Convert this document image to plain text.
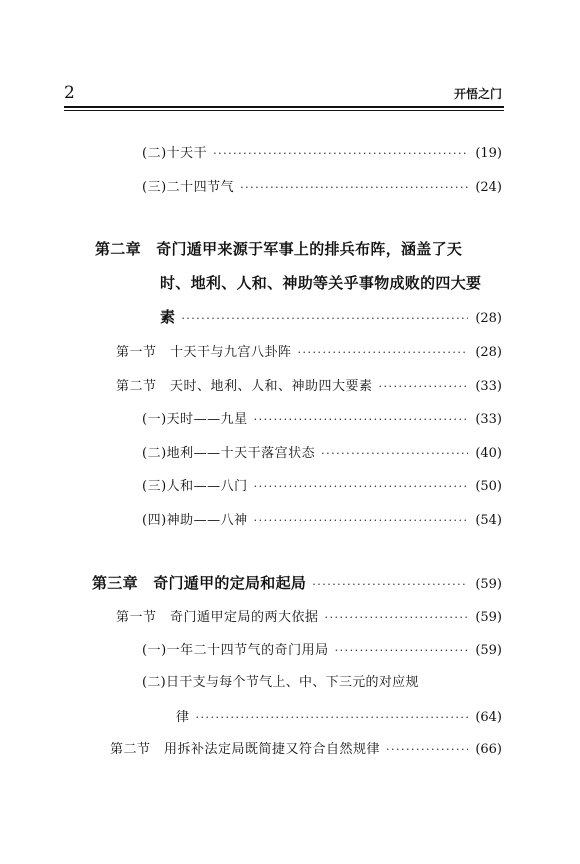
2	开悟之门
(二)十天干 ·····	(19)
(三)二十四节气 ·····	(24)
第二章　奇门遁甲来源于军事上的排兵布阵，涵盖了天
时、地利、人和、神助等关乎事物成败的四大要
素 ·····	(28)
第一节　十天干与九宫八卦阵 ·····	(28)
第二节　天时、地利、人和、神助四大要素 ·····	(33)
(一)天时——九星 ·····	(33)
(二)地利——十天干落宫状态 ·····	(40)
(三)人和——八门 ·····	(50)
(四)神助——八神 ·····	(54)
第三章　奇门遁甲的定局和起局 ·····	(59)
第一节　奇门遁甲定局的两大依据 ·····	(59)
(一)一年二十四节气的奇门用局 ·····	(59)
(二)日干支与每个节气上、中、下三元的对应规
律 ·····	(64)
第二节　用拆补法定局既简捷又符合自然规律 ·····	(66)
